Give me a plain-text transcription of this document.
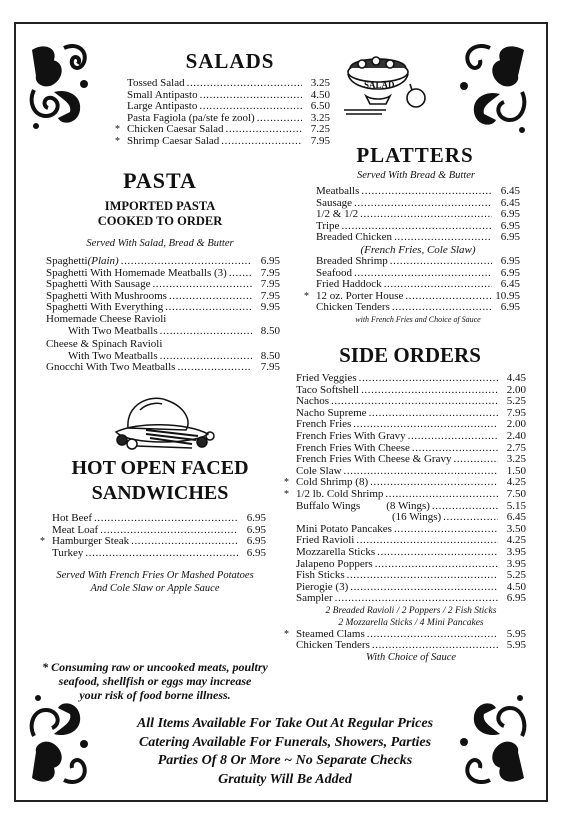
SALAD
SALADS
Tossed Salad .....	3.25
Small Antipasto .....	4.50
Large Antipasto .....	6.50
Pasta Fagiola (pa/ste fe zool) .....	3.25
* Chicken Caesar Salad .....	7.25
* Shrimp Caesar Salad .....	7.95
PASTA
IMPORTED PASTA
COOKED TO ORDER
Served With Salad, Bread & Butter
Spaghetti (Plain) .....	6.95
Spaghetti With Homemade Meatballs (3) .....	7.95
Spaghetti With Sausage .....	7.95
Spaghetti With Mushrooms .....	7.95
Spaghetti With Everything .....	9.95
Homemade Cheese Ravioli
With Two Meatballs .....	8.50
Cheese & Spinach Ravioli
With Two Meatballs .....	8.50
Gnocchi With Two Meatballs .....	7.95
HOT OPEN FACED
SANDWICHES
Hot Beef .....	6.95
Meat Loaf .....	6.95
* Hamburger Steak .....	6.95
Turkey .....	6.95
Served With French Fries Or Mashed Potatoes
And Cole Slaw or Apple Sauce
* Consuming raw or uncooked meats, poultry
seafood, shellfish or eggs may increase
your risk of food borne illness.
PLATTERS
Served With Bread & Butter
Meatballs .....	6.45
Sausage .....	6.45
1/2 & 1/2 .....	6.95
Tripe .....	6.95
Breaded Chicken .....	6.95
(French Fries, Cole Slaw)
Breaded Shrimp .....	6.95
Seafood .....	6.95
Fried Haddock .....	6.45
* 12 oz. Porter House .....	10.95
Chicken Tenders .....	6.95
with French Fries and Choice of Sauce
SIDE ORDERS
Fried Veggies .....	4.45
Taco Softshell .....	2.00
Nachos .....	5.25
Nacho Supreme .....	7.95
French Fries .....	2.00
French Fries With Gravy .....	2.40
French Fries With Cheese .....	2.75
French Fries With Cheese & Gravy .....	3.25
Cole Slaw .....	1.50
* Cold Shrimp (8) .....	4.25
* 1/2 lb. Cold Shrimp .....	7.50
Buffalo Wings (8 Wings) .....	5.15
(16 Wings) .....	6.45
Mini Potato Pancakes .....	3.50
Fried Ravioli .....	4.25
Mozzarella Sticks .....	3.95
Jalapeno Poppers .....	3.95
Fish Sticks .....	5.25
Pierogie (3) .....	4.50
Sampler .....	6.95
2 Breaded Ravioli / 2 Poppers / 2 Fish Sticks
2 Mozzarella Sticks / 4 Mini Pancakes
* Steamed Clams .....	5.95
Chicken Tenders .....	5.95
With Choice of Sauce
All Items Available For Take Out At Regular Prices
Catering Available For Funerals, Showers, Parties
Parties Of 8 Or More ~ No Separate Checks
Gratuity Will Be Added
